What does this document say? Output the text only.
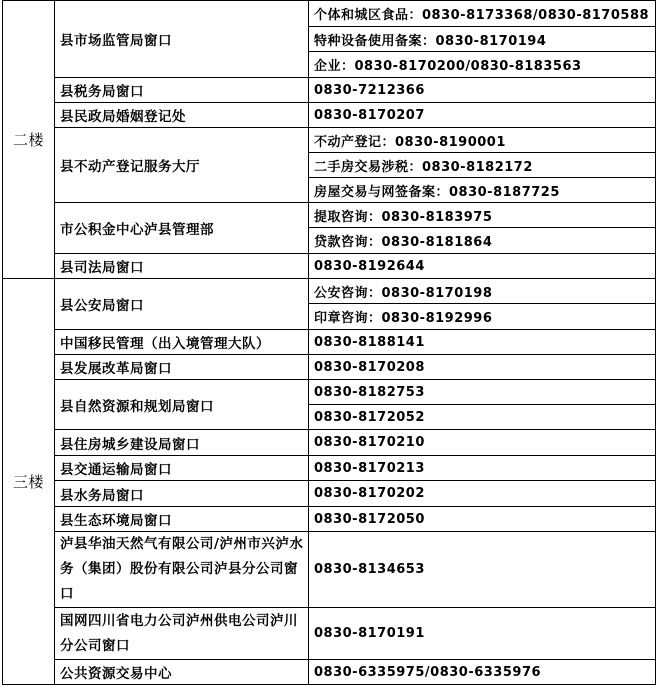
二楼	县市场监管局窗口	个体和城区食品：0830-8173368/0830-8170588
		特种设备使用备案：0830-8170194
		企业：0830-8170200/0830-8183563
	县税务局窗口	0830-7212366
	县民政局婚姻登记处	0830-8170207
	县不动产登记服务大厅	不动产登记：0830-8190001
		二手房交易涉税：0830-8182172
		房屋交易与网签备案：0830-8187725
	市公积金中心泸县管理部	提取咨询：0830-8183975
		贷款咨询：0830-8181864
	县司法局窗口	0830-8192644
三楼	县公安局窗口	公安咨询：0830-8170198
		印章咨询：0830-8192996
	中国移民管理（出入境管理大队）	0830-8188141
	县发展改革局窗口	0830-8170208
	县自然资源和规划局窗口	0830-8182753
		0830-8172052
	县住房城乡建设局窗口	0830-8170210
	县交通运输局窗口	0830-8170213
	县水务局窗口	0830-8170202
	县生态环境局窗口	0830-8172050
	泸县华油天然气有限公司/泸州市兴泸水务（集团）股份有限公司泸县分公司窗口	0830-8134653
	国网四川省电力公司泸州供电公司泸川分公司窗口	0830-8170191
	公共资源交易中心	0830-6335975/0830-6335976
